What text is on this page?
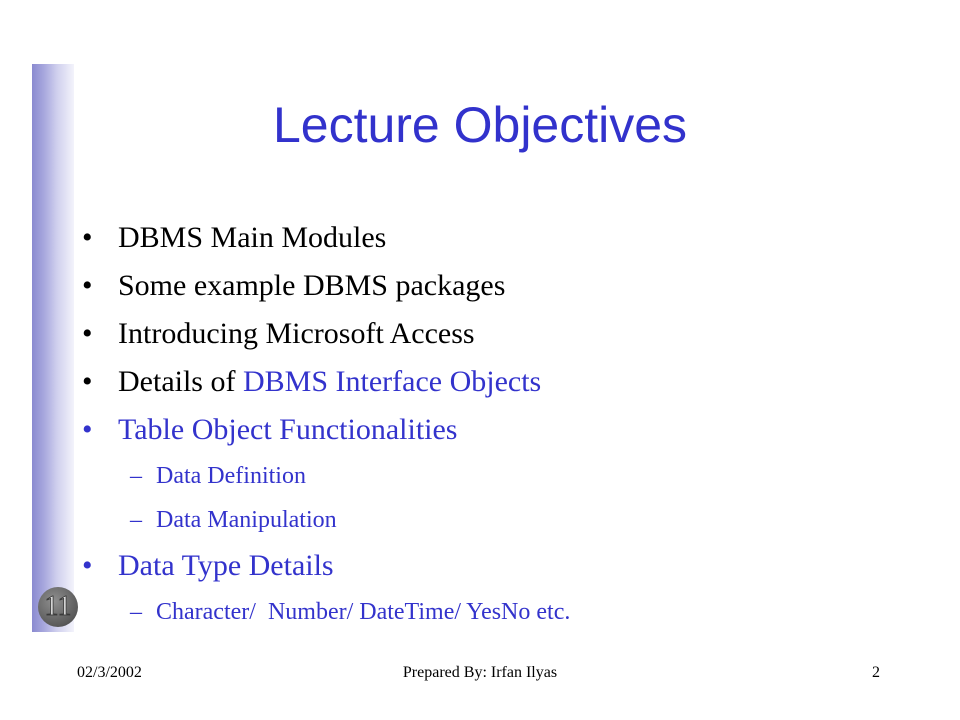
11
Lecture Objectives
• DBMS Main Modules
• Some example DBMS packages
• Introducing Microsoft Access
• Details of DBMS Interface Objects
• Table Object Functionalities
– Data Definition
– Data Manipulation
• Data Type Details
– Character/  Number/ DateTime/ YesNo etc.
02/3/2002	Prepared By: Irfan Ilyas	2
